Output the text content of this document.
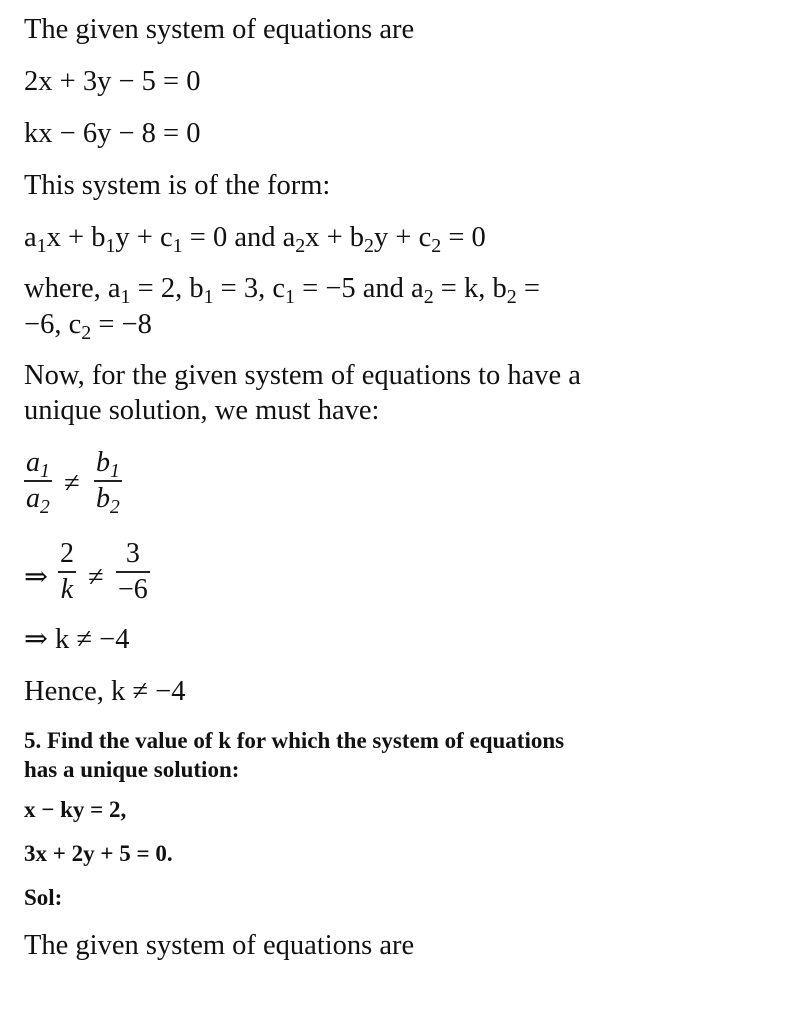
The given system of equations are
2x + 3y − 5 = 0
kx − 6y − 8 = 0
This system is of the form:
$a_1x + b_1y + c_1 = 0$ and $a_2x + b_2y + c_2 = 0$
where, $a_1 = 2$, $b_1 = 3$, $c_1 = -5$ and $a_2 = k$, $b_2$ =
−6, $c_2 = -8$
Now, for the given system of equations to have a
unique solution, we must have:
$a_1$
$a_2$
≠
$b_1$
$b_2$
⇒
2
k ≠
3
−6
⇒ k ≠ −4
Hence, k ≠ −4
5. Find the value of k for which the system of equations
has a unique solution:
x − ky = 2,
3x + 2y + 5 = 0.
Sol:
The given system of equations are
